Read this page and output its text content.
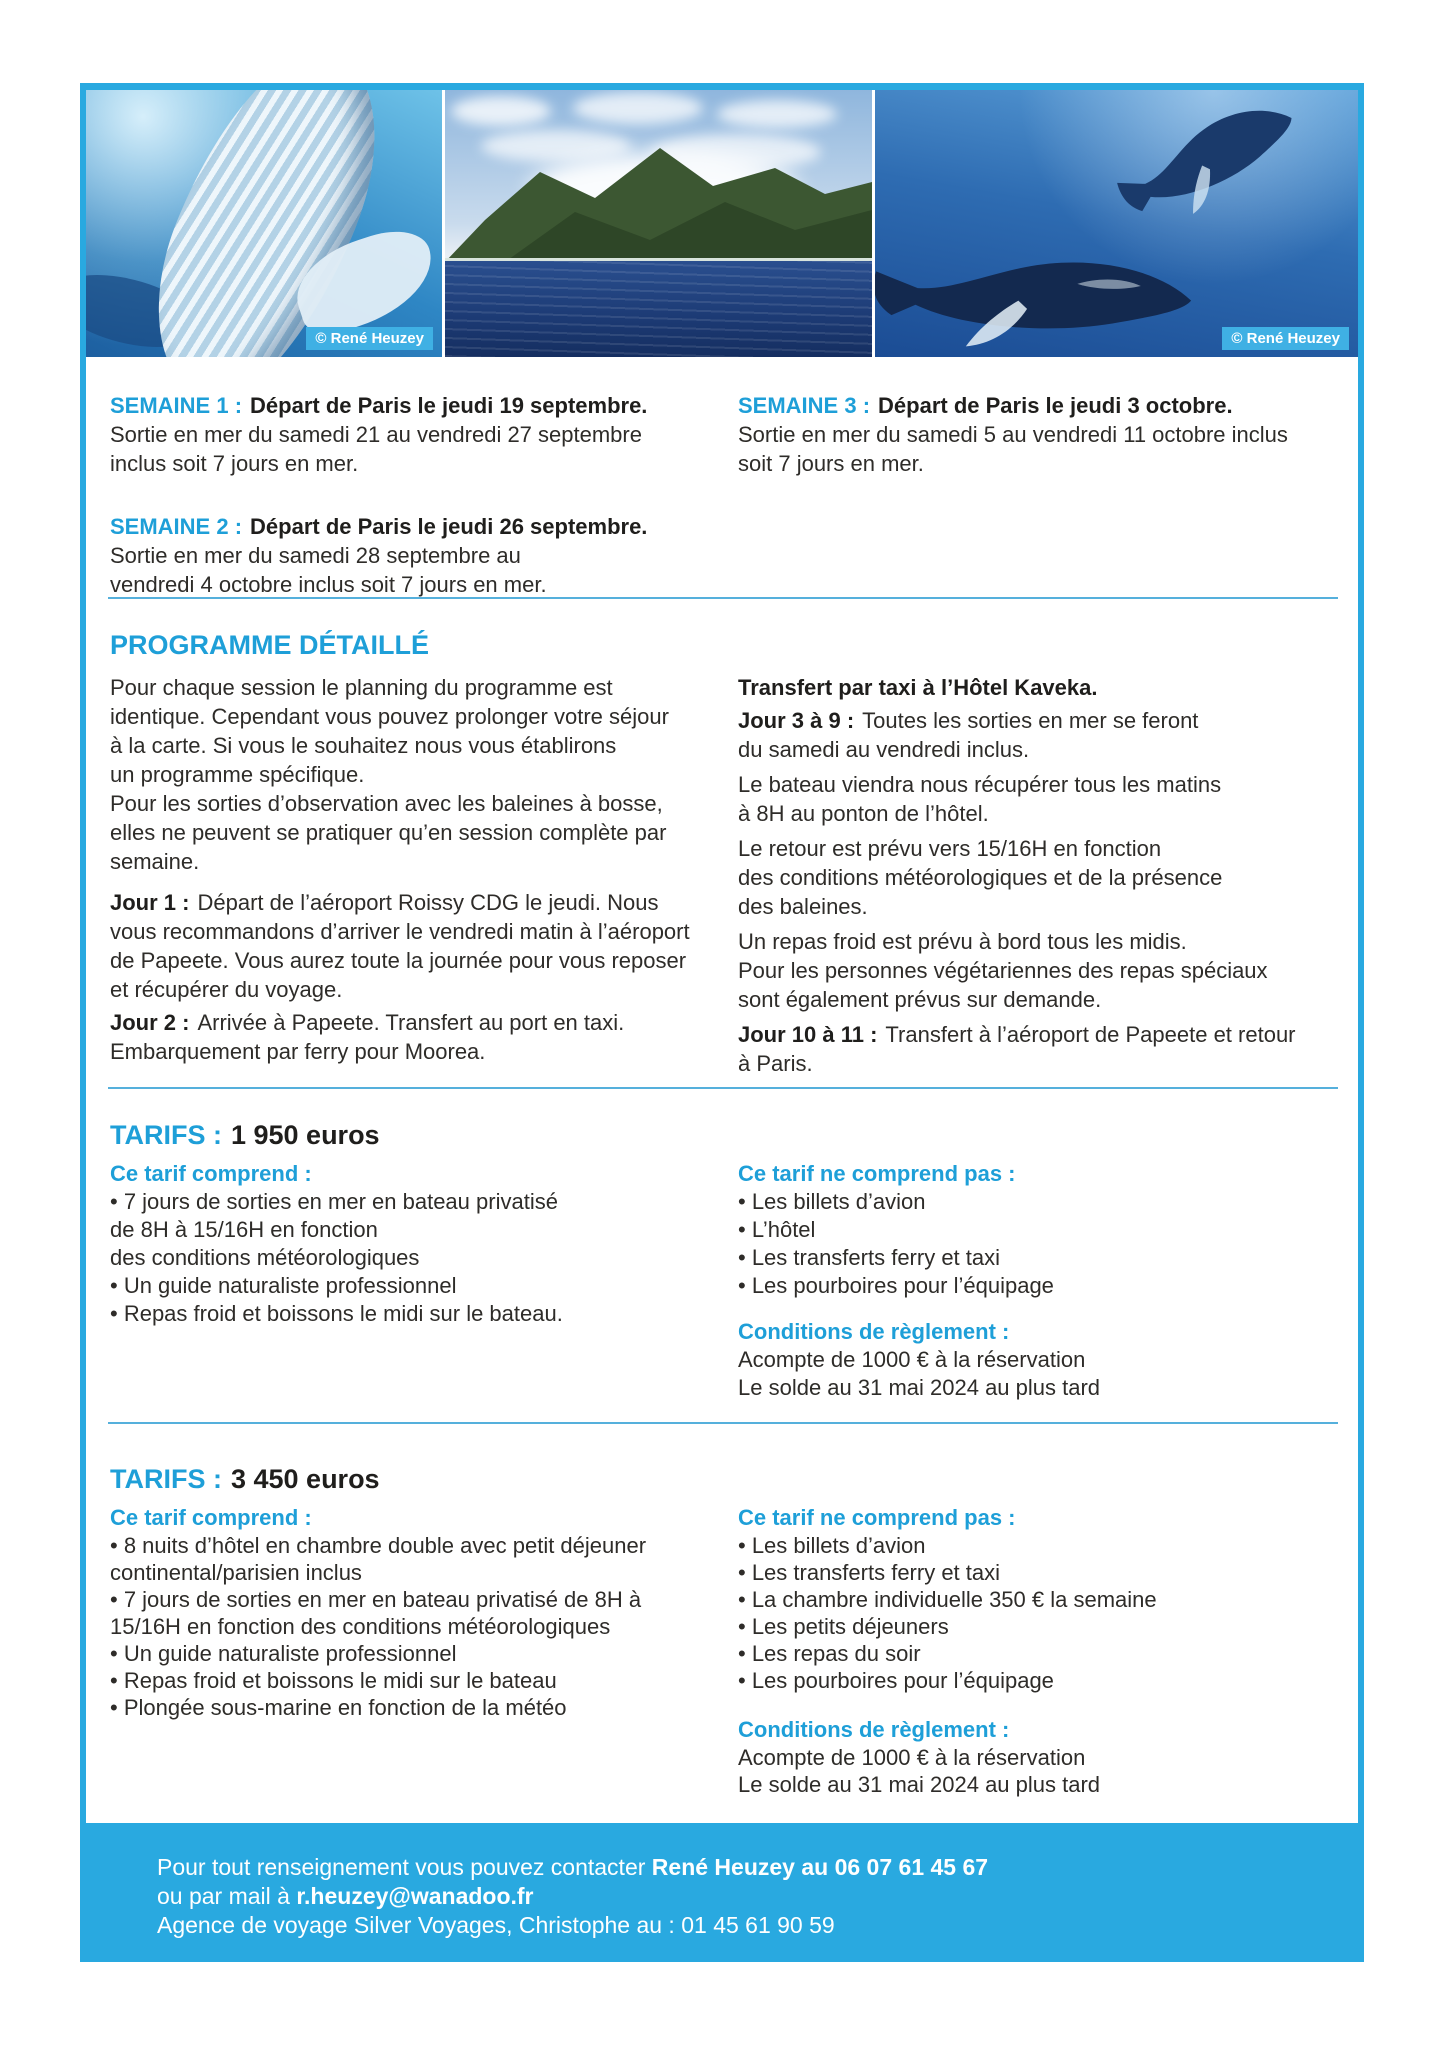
© René Heuzey	© René Heuzey
SEMAINE 1 : Départ de Paris le jeudi 19 septembre.
Sortie en mer du samedi 21 au vendredi 27 septembre
inclus soit 7 jours en mer.
SEMAINE 2 : Départ de Paris le jeudi 26 septembre.
Sortie en mer du samedi 28 septembre au
vendredi 4 octobre inclus soit 7 jours en mer.
SEMAINE 3 : Départ de Paris le jeudi 3 octobre.
Sortie en mer du samedi 5 au vendredi 11 octobre inclus
soit 7 jours en mer.
PROGRAMME DÉTAILLÉ
Pour chaque session le planning du programme est
identique. Cependant vous pouvez prolonger votre séjour
à la carte. Si vous le souhaitez nous vous établirons
un programme spécifique.
Pour les sorties d’observation avec les baleines à bosse,
elles ne peuvent se pratiquer qu’en session complète par
semaine.
Jour 1 : Départ de l’aéroport Roissy CDG le jeudi. Nous
vous recommandons d’arriver le vendredi matin à l’aéroport
de Papeete. Vous aurez toute la journée pour vous reposer
et récupérer du voyage.
Jour 2 : Arrivée à Papeete. Transfert au port en taxi.
Embarquement par ferry pour Moorea.
Transfert par taxi à l’Hôtel Kaveka.
Jour 3 à 9 : Toutes les sorties en mer se feront
du samedi au vendredi inclus.
Le bateau viendra nous récupérer tous les matins
à 8H au ponton de l’hôtel.
Le retour est prévu vers 15/16H en fonction
des conditions météorologiques et de la présence
des baleines.
Un repas froid est prévu à bord tous les midis.
Pour les personnes végétariennes des repas spéciaux
sont également prévus sur demande.
Jour 10 à 11 : Transfert à l’aéroport de Papeete et retour
à Paris.
TARIFS : 1 950 euros
Ce tarif comprend :
• 7 jours de sorties en mer en bateau privatisé
de 8H à 15/16H en fonction
des conditions météorologiques
• Un guide naturaliste professionnel
• Repas froid et boissons le midi sur le bateau.
Ce tarif ne comprend pas :
• Les billets d’avion
• L’hôtel
• Les transferts ferry et taxi
• Les pourboires pour l’équipage
Conditions de règlement :
Acompte de 1000 € à la réservation
Le solde au 31 mai 2024 au plus tard
TARIFS : 3 450 euros
Ce tarif comprend :
• 8 nuits d’hôtel en chambre double avec petit déjeuner
continental/parisien inclus
• 7 jours de sorties en mer en bateau privatisé de 8H à
15/16H en fonction des conditions météorologiques
• Un guide naturaliste professionnel
• Repas froid et boissons le midi sur le bateau
• Plongée sous-marine en fonction de la météo
Ce tarif ne comprend pas :
• Les billets d’avion
• Les transferts ferry et taxi
• La chambre individuelle 350 € la semaine
• Les petits déjeuners
• Les repas du soir
• Les pourboires pour l’équipage
Conditions de règlement :
Acompte de 1000 € à la réservation
Le solde au 31 mai 2024 au plus tard
Pour tout renseignement vous pouvez contacter René Heuzey au 06 07 61 45 67
ou par mail à r.heuzey@wanadoo.fr
Agence de voyage Silver Voyages, Christophe au : 01 45 61 90 59
